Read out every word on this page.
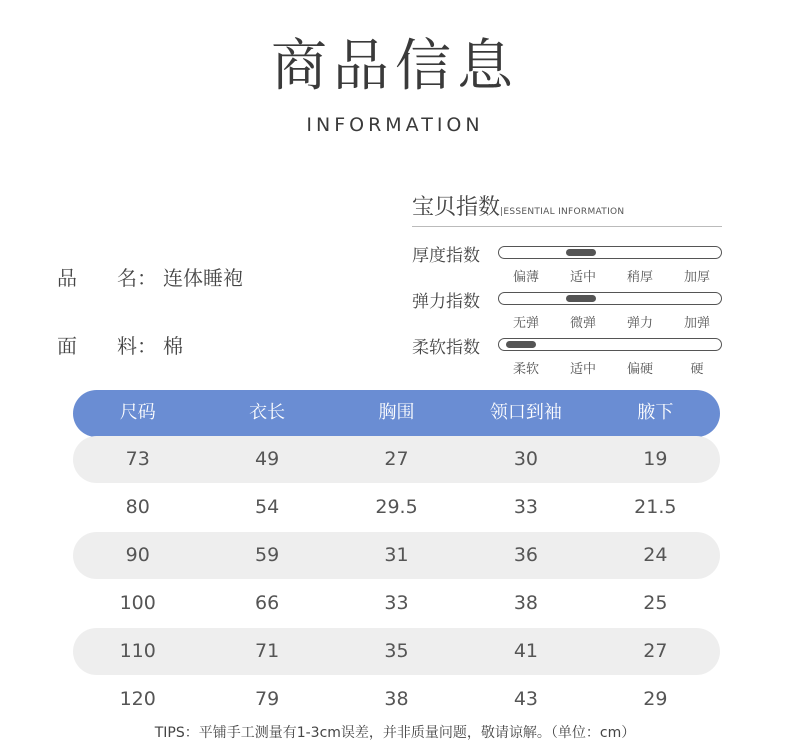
商品信息
INFORMATION
品 名： 连体睡袍
面 料： 棉
宝贝指数|ESSENTIAL INFORMATION
厚度指数
偏薄	适中	稍厚	加厚
弹力指数
无弹	微弹	弹力	加弹
柔软指数
柔软	适中	偏硬	硬
尺码	衣长	胸围	领口到袖	腋下
73	49	27	30	19
80	54	29.5	33	21.5
90	59	31	36	24
100	66	33	38	25
110	71	35	41	27
120	79	38	43	29
TIPS：平铺手工测量有1-3cm误差，并非质量问题，敬请谅解。（单位：cm）
